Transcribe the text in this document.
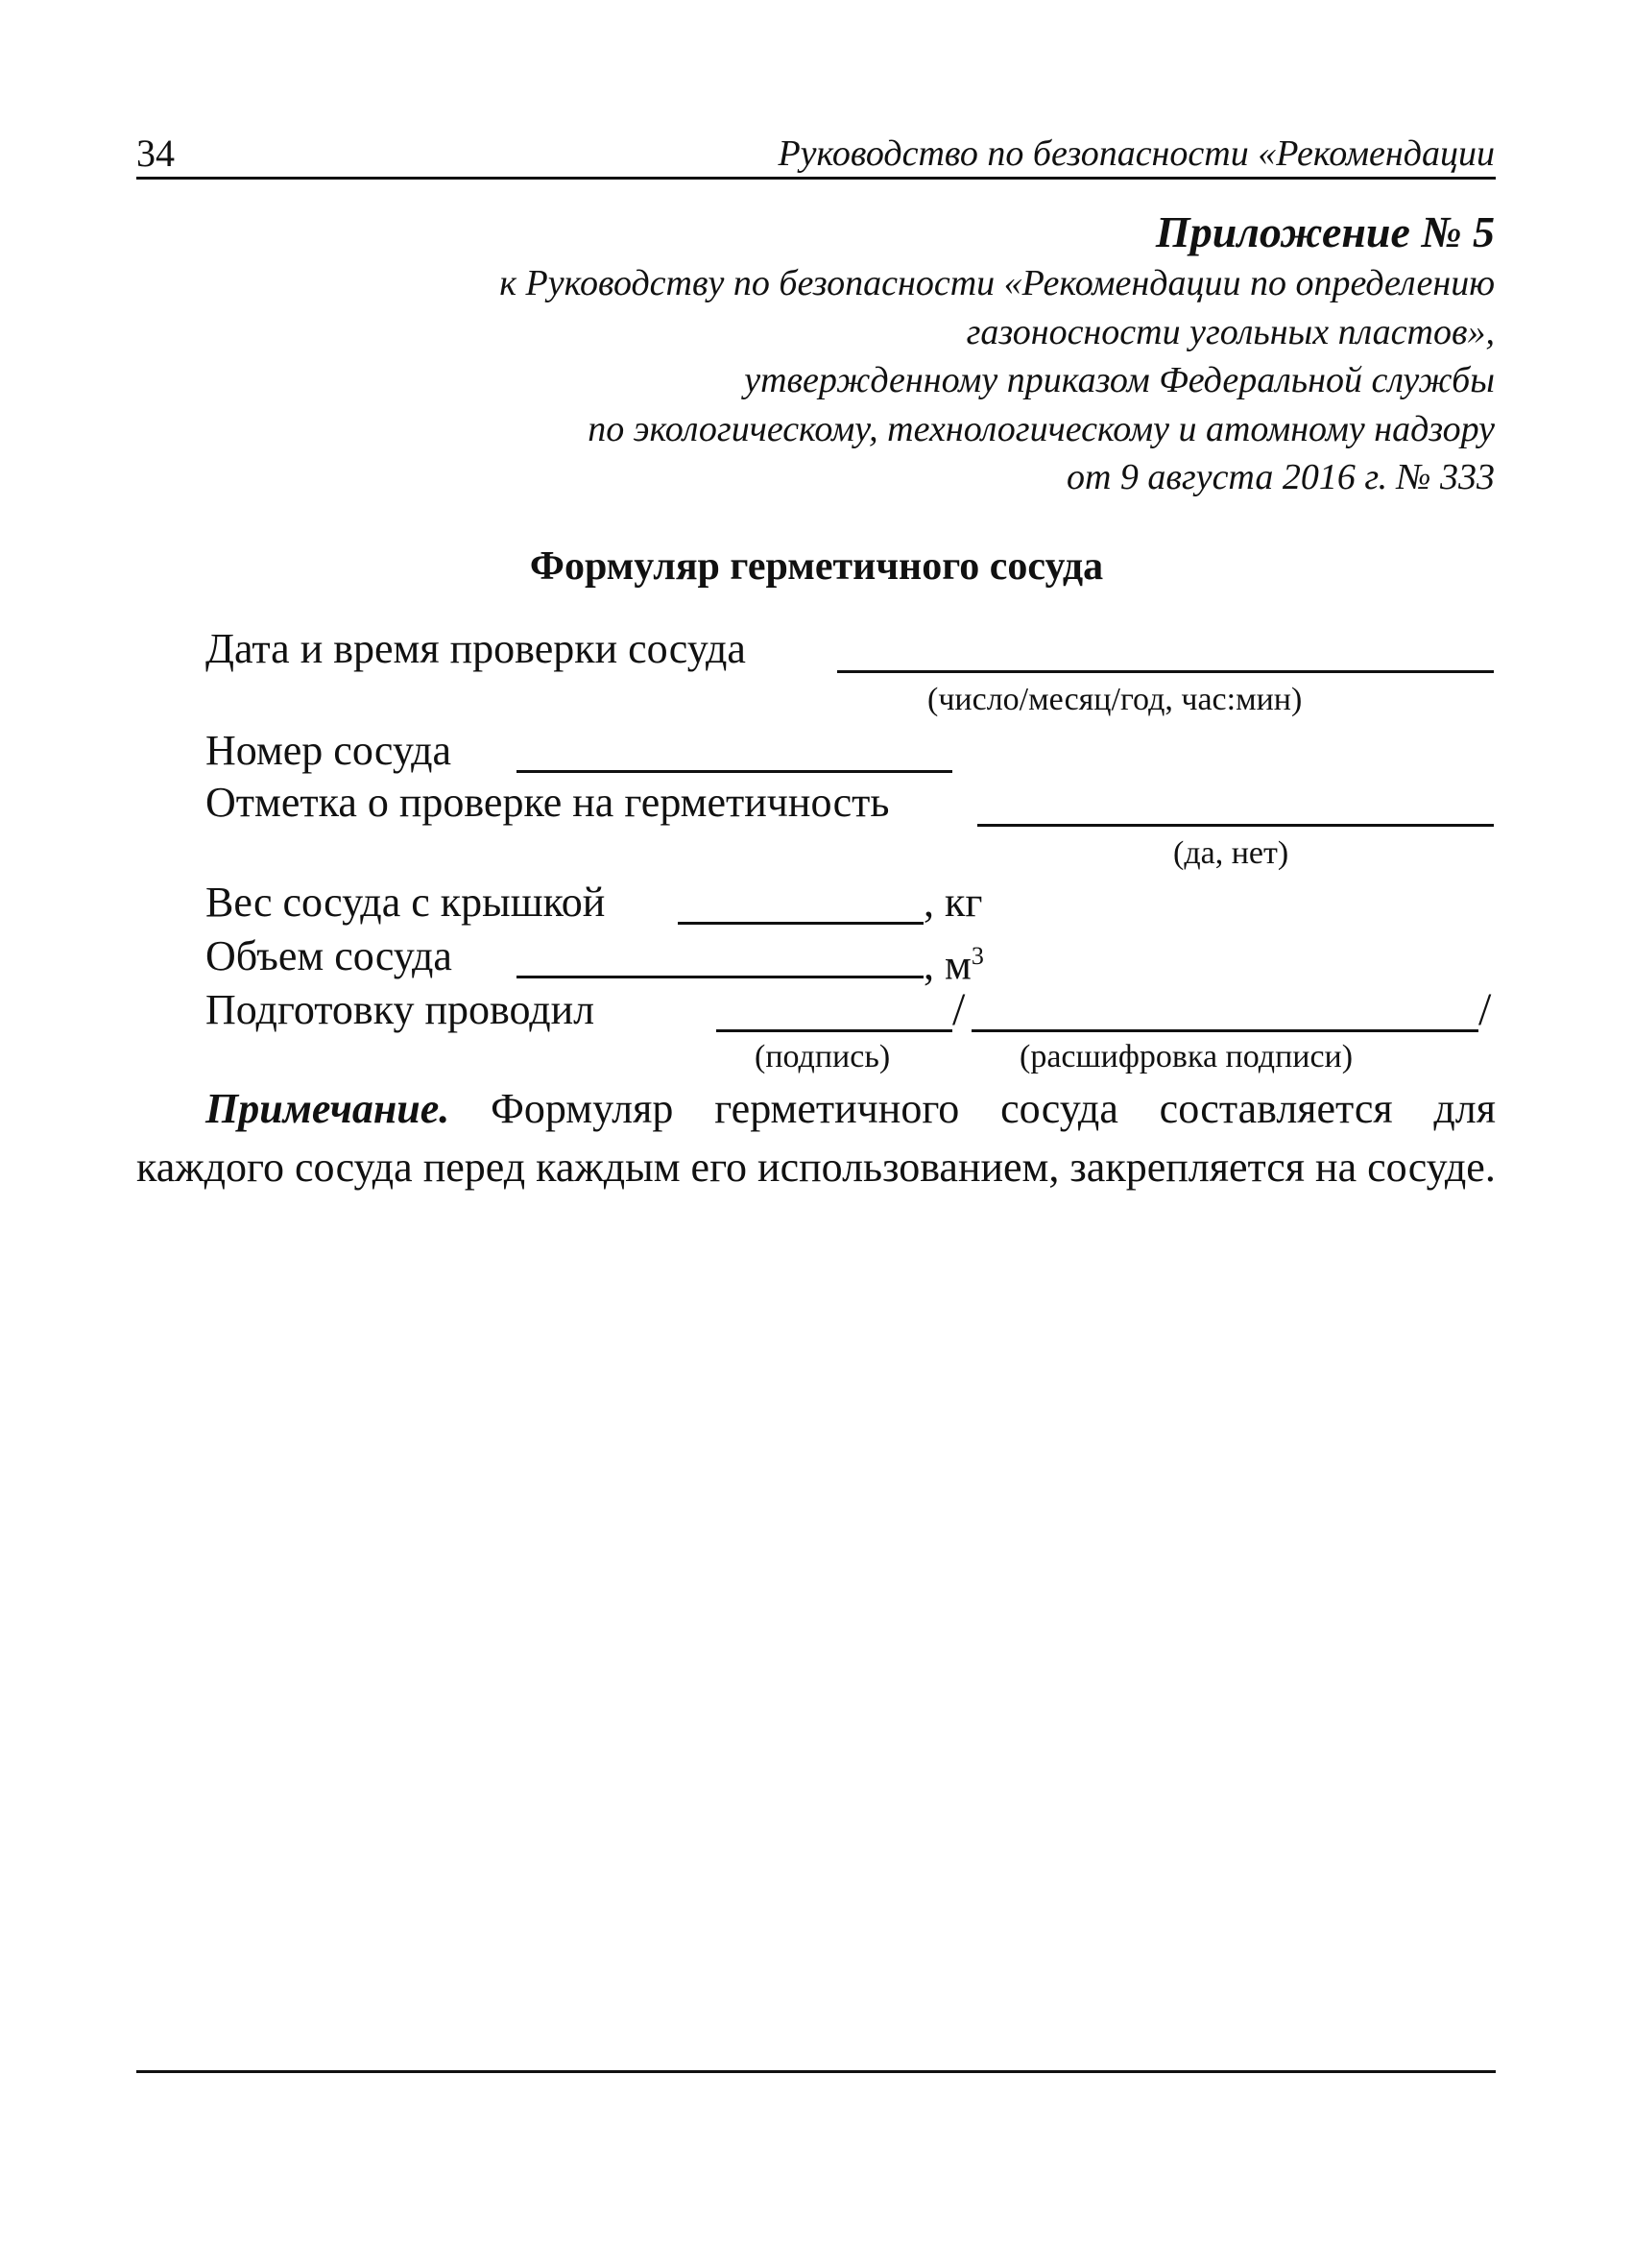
34	Руководство по безопасности «Рекомендации
Приложение № 5
к Руководству по безопасности «Рекомендации по определению
газоносности угольных пластов»,
утвержденному приказом Федеральной службы
по экологическому, технологическому и атомному надзору
от 9 августа 2016 г. № 333
Формуляр герметичного сосуда
Дата и время проверки сосуда
(число/месяц/год, час:мин)
Номер сосуда
Отметка о проверке на герметичность
(да, нет)
Вес сосуда с крышкой	, кг
Объем сосуда	, $м^3$
Подготовку проводил	/	/
(подпись)	(расшифровка подписи)
Примечание. Формуляр герметичного сосуда составляется для каждого сосуда перед каждым его использованием, закрепляется на сосуде.
